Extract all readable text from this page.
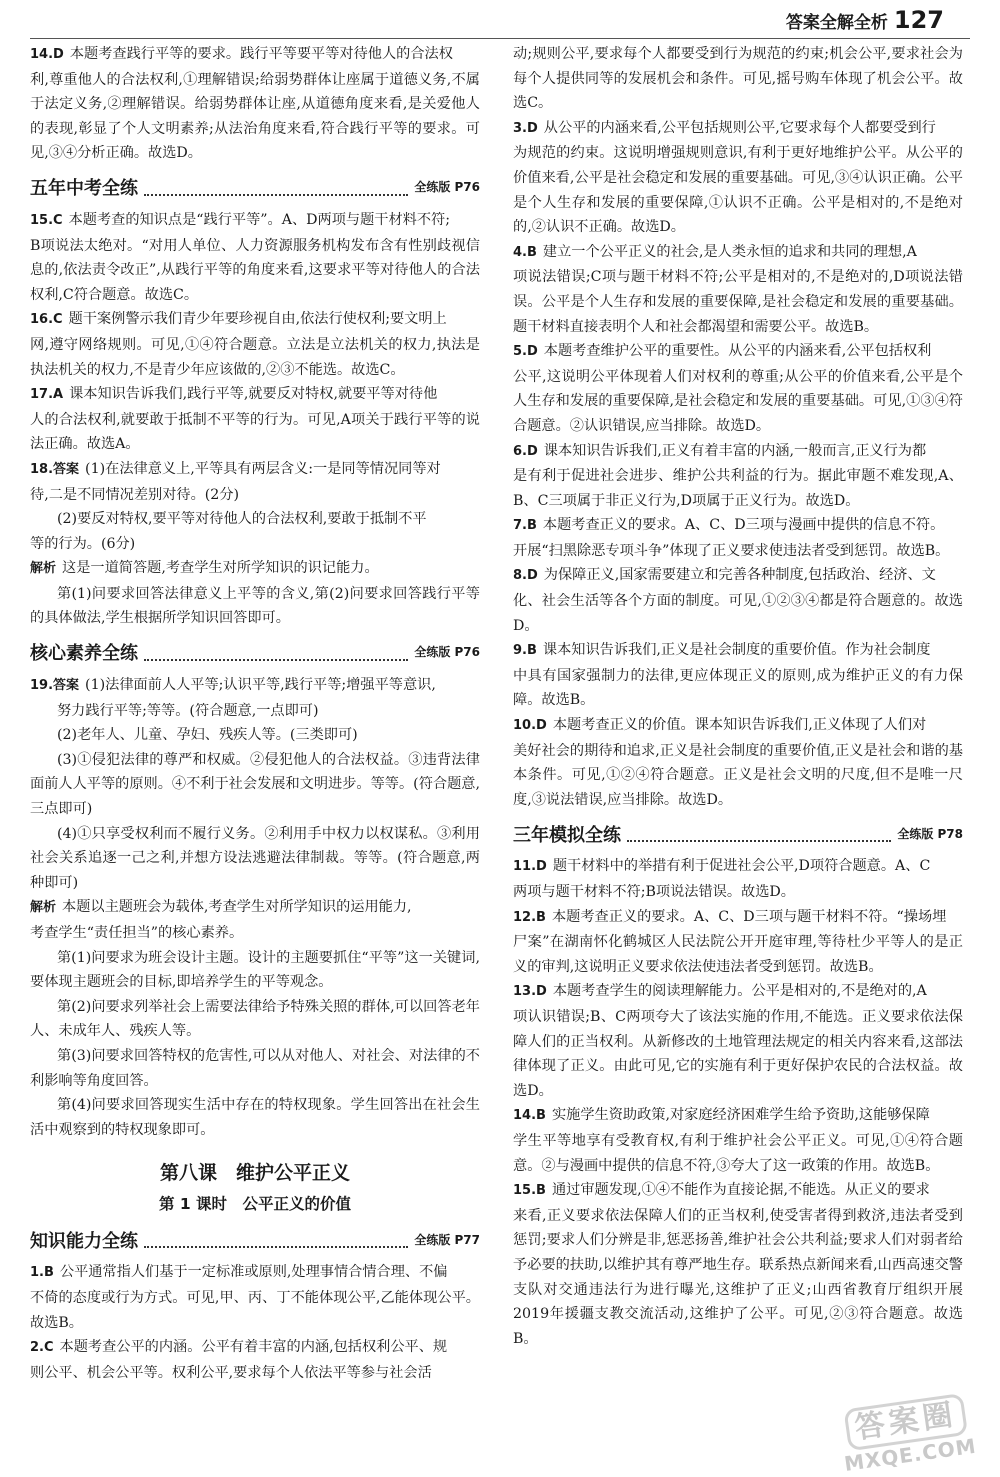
答案全解全析 127

14.D 本题考查践行平等的要求。践行平等要平等对待他人的合法权

利,尊重他人的合法权利,①理解错误;给弱势群体让座属于道德义务,不属于法定义务,②理解错误。给弱势群体让座,从道德角度来看,是关爱他人的表现,彰显了个人文明素养;从法治角度来看,符合践行平等的要求。可见,③④分析正确。故选D。

五年中考全练	全练版 P76

15.C 本题考查的知识点是“践行平等”。A、D两项与题干材料不符;

B项说法太绝对。“对用人单位、人力资源服务机构发布含有性别歧视信息的,依法责令改正”,从践行平等的角度来看,这要求平等对待他人的合法权利,C符合题意。故选C。

16.C 题干案例警示我们青少年要珍视自由,依法行使权利;要文明上

网,遵守网络规则。可见,①④符合题意。立法是立法机关的权力,执法是执法机关的权力,不是青少年应该做的,②③不能选。故选C。

17.A 课本知识告诉我们,践行平等,就要反对特权,就要平等对待他

人的合法权利,就要敢于抵制不平等的行为。可见,A项关于践行平等的说法正确。故选A。

18.答案 (1)在法律意义上,平等具有两层含义:一是同等情况同等对

待,二是不同情况差别对待。(2分)

(2)要反对特权,要平等对待他人的合法权利,要敢于抵制不平

等的行为。(6分)

解析 这是一道简答题,考查学生对所学知识的识记能力。

第(1)问要求回答法律意义上平等的含义,第(2)问要求回答践行平等的具体做法,学生根据所学知识回答即可。

核心素养全练	全练版 P76

19.答案 (1)法律面前人人平等;认识平等,践行平等;增强平等意识,

努力践行平等;等等。(符合题意,一点即可)

(2)老年人、儿童、孕妇、残疾人等。(三类即可)

(3)①侵犯法律的尊严和权威。②侵犯他人的合法权益。③违背法律面前人人平等的原则。④不利于社会发展和文明进步。等等。(符合题意,三点即可)

(4)①只享受权利而不履行义务。②利用手中权力以权谋私。③利用社会关系追逐一己之利,并想方设法逃避法律制裁。等等。(符合题意,两种即可)

解析 本题以主题班会为载体,考查学生对所学知识的运用能力,

考查学生“责任担当”的核心素养。

第(1)问要求为班会设计主题。设计的主题要抓住“平等”这一关键词,要体现主题班会的目标,即培养学生的平等观念。

第(2)问要求列举社会上需要法律给予特殊关照的群体,可以回答老年人、未成年人、残疾人等。

第(3)问要求回答特权的危害性,可以从对他人、对社会、对法律的不利影响等角度回答。

第(4)问要求回答现实生活中存在的特权现象。学生回答出在社会生活中观察到的特权现象即可。

第八课　维护公平正义
第 1 课时　公平正义的价值
知识能力全练	全练版 P77

1.B 公平通常指人们基于一定标准或原则,处理事情合情合理、不偏

不倚的态度或行为方式。可见,甲、丙、丁不能体现公平,乙能体现公平。故选B。

2.C 本题考查公平的内涵。公平有着丰富的内涵,包括权利公平、规

则公平、机会公平等。权利公平,要求每个人依法平等参与社会活

动;规则公平,要求每个人都要受到行为规范的约束;机会公平,要求社会为每个人提供同等的发展机会和条件。可见,摇号购车体现了机会公平。故选C。

3.D 从公平的内涵来看,公平包括规则公平,它要求每个人都要受到行

为规范的约束。这说明增强规则意识,有利于更好地维护公平。从公平的价值来看,公平是社会稳定和发展的重要基础。可见,③④认识正确。公平是个人生存和发展的重要保障,①认识不正确。公平是相对的,不是绝对的,②认识不正确。故选D。

4.B 建立一个公平正义的社会,是人类永恒的追求和共同的理想,A

项说法错误;C项与题干材料不符;公平是相对的,不是绝对的,D项说法错误。公平是个人生存和发展的重要保障,是社会稳定和发展的重要基础。题干材料直接表明个人和社会都渴望和需要公平。故选B。

5.D 本题考查维护公平的重要性。从公平的内涵来看,公平包括权利

公平,这说明公平体现着人们对权利的尊重;从公平的价值来看,公平是个人生存和发展的重要保障,是社会稳定和发展的重要基础。可见,①③④符合题意。②认识错误,应当排除。故选D。

6.D 课本知识告诉我们,正义有着丰富的内涵,一般而言,正义行为都

是有利于促进社会进步、维护公共利益的行为。据此审题不难发现,A、B、C三项属于非正义行为,D项属于正义行为。故选D。

7.B 本题考查正义的要求。A、C、D三项与漫画中提供的信息不符。

开展“扫黑除恶专项斗争”体现了正义要求使违法者受到惩罚。故选B。

8.D 为保障正义,国家需要建立和完善各种制度,包括政治、经济、文

化、社会生活等各个方面的制度。可见,①②③④都是符合题意的。故选D。

9.B 课本知识告诉我们,正义是社会制度的重要价值。作为社会制度

中具有国家强制力的法律,更应体现正义的原则,成为维护正义的有力保障。故选B。

10.D 本题考查正义的价值。课本知识告诉我们,正义体现了人们对

美好社会的期待和追求,正义是社会制度的重要价值,正义是社会和谐的基本条件。可见,①②④符合题意。正义是社会文明的尺度,但不是唯一尺度,③说法错误,应当排除。故选D。

三年模拟全练	全练版 P78

11.D 题干材料中的举措有利于促进社会公平,D项符合题意。A、C

两项与题干材料不符;B项说法错误。故选D。

12.B 本题考查正义的要求。A、C、D三项与题干材料不符。“操场埋

尸案”在湖南怀化鹤城区人民法院公开开庭审理,等待杜少平等人的是正义的审判,这说明正义要求依法使违法者受到惩罚。故选B。

13.D 本题考查学生的阅读理解能力。公平是相对的,不是绝对的,A

项认识错误;B、C两项夸大了该法实施的作用,不能选。正义要求依法保障人们的正当权利。从新修改的土地管理法规定的相关内容来看,这部法律体现了正义。由此可见,它的实施有利于更好保护农民的合法权益。故选D。

14.B 实施学生资助政策,对家庭经济困难学生给予资助,这能够保障

学生平等地享有受教育权,有利于维护社会公平正义。可见,①④符合题意。②与漫画中提供的信息不符,③夸大了这一政策的作用。故选B。

15.B 通过审题发现,①④不能作为直接论据,不能选。从正义的要求

来看,正义要求依法保障人们的正当权利,使受害者得到救济,违法者受到惩罚;要求人们分辨是非,惩恶扬善,维护社会公共利益;要求人们对弱者给予必要的扶助,以维护其有尊严地生存。联系热点新闻来看,山西高速交警支队对交通违法行为进行曝光,这维护了正义;山西省教育厅组织开展2019年援疆支教交流活动,这维护了公平。可见,②③符合题意。故选B。

答案圈
MXQE.COM
